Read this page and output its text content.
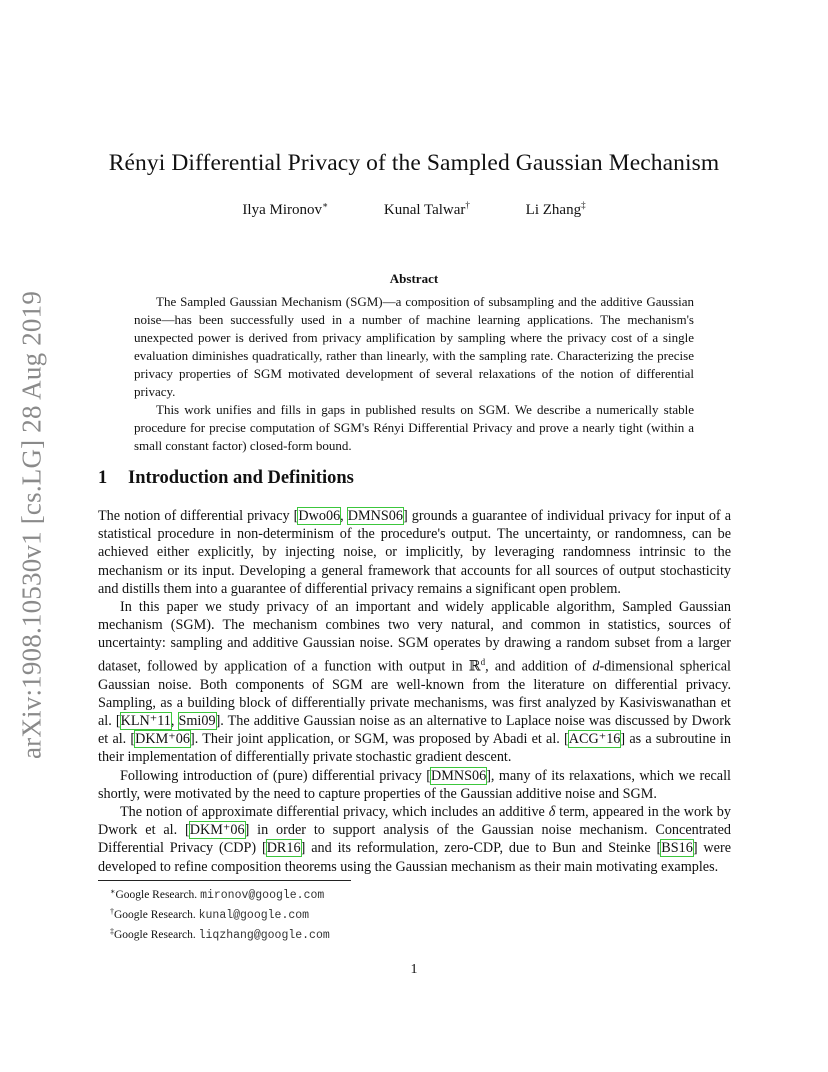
arXiv:1908.10530v1 [cs.LG] 28 Aug 2019
Rényi Differential Privacy of the Sampled Gaussian Mechanism
Ilya Mironov∗	Kunal Talwar†	Li Zhang‡
Abstract

The Sampled Gaussian Mechanism (SGM)—a composition of subsampling and the additive Gaussian noise—has been successfully used in a number of machine learning applications. The mechanism's unexpected power is derived from privacy amplification by sampling where the privacy cost of a single evaluation diminishes quadratically, rather than linearly, with the sampling rate. Characterizing the precise privacy properties of SGM motivated development of several relaxations of the notion of differential privacy.

This work unifies and fills in gaps in published results on SGM. We describe a numerically stable procedure for precise computation of SGM's Rényi Differential Privacy and prove a nearly tight (within a small constant factor) closed-form bound.

1 Introduction and Definitions

The notion of differential privacy [Dwo06, DMNS06] grounds a guarantee of individual privacy for input of a statistical procedure in non-determinism of the procedure's output. The uncertainty, or randomness, can be achieved either explicitly, by injecting noise, or implicitly, by leveraging randomness intrinsic to the mechanism or its input. Developing a general framework that accounts for all sources of output stochasticity and distills them into a guarantee of differential privacy remains a significant open problem.

In this paper we study privacy of an important and widely applicable algorithm, Sampled Gaussian mechanism (SGM). The mechanism combines two very natural, and common in statistics, sources of uncertainty: sampling and additive Gaussian noise. SGM operates by drawing a random subset from a larger dataset, followed by application of a function with output in ℝ$^d$, and addition of d-dimensional spherical Gaussian noise. Both components of SGM are well-known from the literature on differential privacy. Sampling, as a building block of differentially private mechanisms, was first analyzed by Kasiviswanathan et al. [KLN⁺11, Smi09]. The additive Gaussian noise as an alternative to Laplace noise was discussed by Dwork et al. [DKM⁺06]. Their joint application, or SGM, was proposed by Abadi et al. [ACG⁺16] as a subroutine in their implementation of differentially private stochastic gradient descent.

Following introduction of (pure) differential privacy [DMNS06], many of its relaxations, which we recall shortly, were motivated by the need to capture properties of the Gaussian additive noise and SGM.

The notion of approximate differential privacy, which includes an additive δ term, appeared in the work by Dwork et al. [DKM⁺06] in order to support analysis of the Gaussian noise mechanism. Concentrated Differential Privacy (CDP) [DR16] and its reformulation, zero-CDP, due to Bun and Steinke [BS16] were developed to refine composition theorems using the Gaussian mechanism as their main motivating examples.

∗Google Research. mironov@google.com
†Google Research. kunal@google.com
‡Google Research. liqzhang@google.com
1
